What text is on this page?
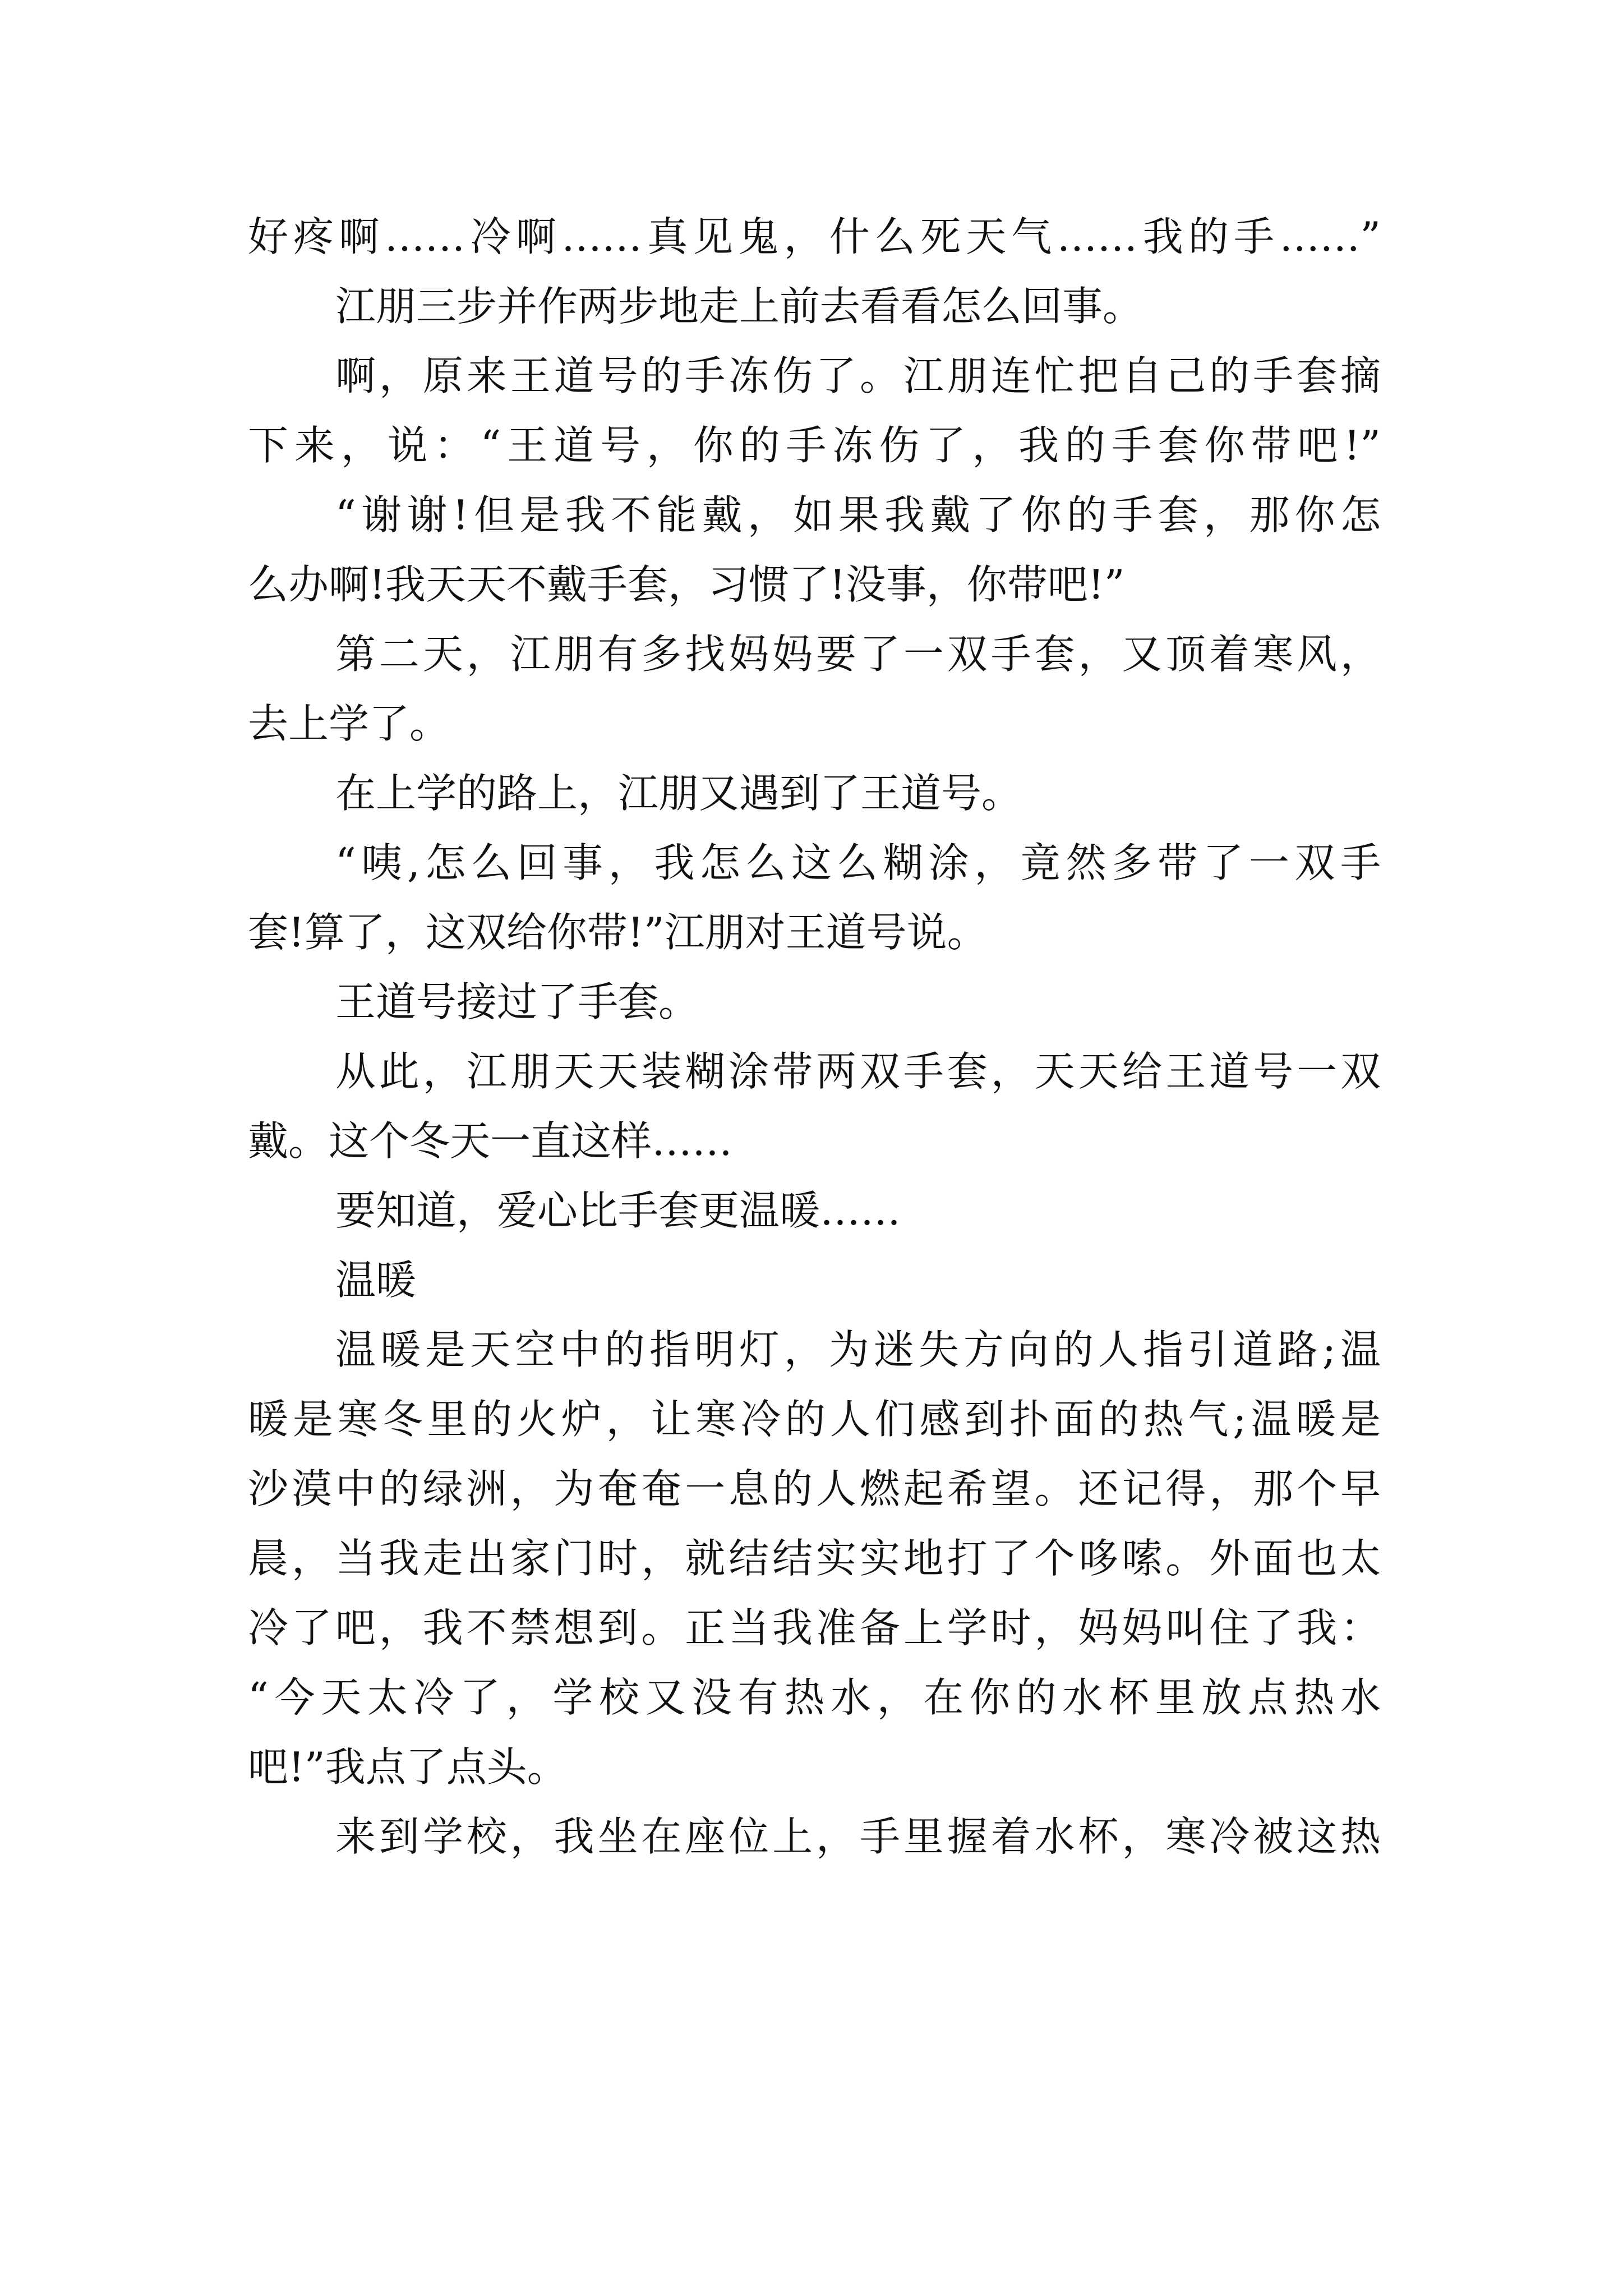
好疼啊……冷啊……真见鬼，什么死天气……我的手……”
江朋三步并作两步地走上前去看看怎么回事。
啊，原来王道号的手冻伤了。江朋连忙把自己的手套摘
下来，说：“王道号，你的手冻伤了，我的手套你带吧!”
“谢谢!但是我不能戴，如果我戴了你的手套，那你怎
么办啊!我天天不戴手套，习惯了!没事，你带吧!”
第二天，江朋有多找妈妈要了一双手套，又顶着寒风，
去上学了。
在上学的路上，江朋又遇到了王道号。
“咦,怎么回事，我怎么这么糊涂，竟然多带了一双手
套!算了，这双给你带!”江朋对王道号说。
王道号接过了手套。
从此，江朋天天装糊涂带两双手套，天天给王道号一双
戴。这个冬天一直这样……
要知道，爱心比手套更温暖……
温暖
温暖是天空中的指明灯，为迷失方向的人指引道路;温
暖是寒冬里的火炉，让寒冷的人们感到扑面的热气;温暖是
沙漠中的绿洲，为奄奄一息的人燃起希望。还记得，那个早
晨，当我走出家门时，就结结实实地打了个哆嗦。外面也太
冷了吧，我不禁想到。正当我准备上学时，妈妈叫住了我：
“今天太冷了，学校又没有热水，在你的水杯里放点热水
吧!”我点了点头。
来到学校，我坐在座位上，手里握着水杯，寒冷被这热
